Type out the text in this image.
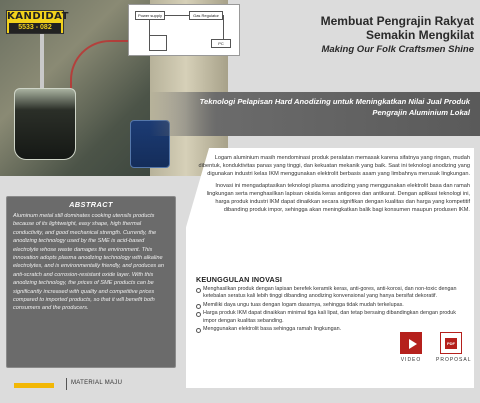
Power supply	Gas Regulator
PC
KANDIDAT
5533 - 082	Membuat Pengrajin Rakyat
Semakin Mengkilat
Making Our Folk Craftsmen Shine
Teknologi Pelapisan Hard Anodizing untuk Meningkatkan Nilai Jual Produk Pengrajin Aluminium Lokal

Logam aluminium masih mendominasi produk peralatan memasak karena sifatnya yang ringan, mudah dibentuk, konduktivitas panas yang tinggi, dan kekuatan mekanik yang baik. Saat ini teknologi anodizing yang digunakan industri kelas IKM menggunakan elektrolit berbasis asam yang limbahnya merusak lingkungan.

Inovasi ini mengadaptasikan teknologi plasma anodizing yang menggunakan elektrolit basa dan ramah lingkungan serta menghasilkan lapisan oksida keras antigores dan antikarat. Dengan aplikasi teknologi ini, harga produk industri IKM dapat dinaikkan secara signifikan dengan kualitas dan harga yang kompetitif dibanding produk impor, sehingga akan meningkatkan balik bagi konsumen maupun produsen IKM.

KEUNGGULAN INOVASI
Menghasilkan produk dengan lapisan berefek keramik keras, anti-gores, anti-korosi, dan non-toxic dengan ketebalan seratus kali lebih tinggi dibanding anodizing konvensional yang hanya bersifat dekoratif.
Memiliki daya ungu tuas dengan logam dasarnya, sehingga tidak mudah terkelupas.
Harga produk IKM dapat dinaikkan minimal tiga kali lipat, dan tetap bersaing dibandingkan dengan produk impor dengan kualitas sebanding.
Menggunakan elektrolit basa sehingga ramah lingkungan.
VIDEO
PDF
PROPOSAL
ABSTRACT
Aluminum metal still dominates cooking utensils products because of its lightweight, easy shape, high thermal conductivity, and good mechanical strength. Currently, the anodizing technology used by the SME is acid-based electrolyte whose waste damages the environment. This innovation adopts plasma anodizing technology with alkaline electrolytes, and is environmentally friendly, and produces an anti-scratch and corrosion-resistant oxide layer. With this anodizing technology, the prices of SME products can be significantly increased with quality and competitive prices compared to imported products, so that it will benefit both consumers and the producers.
MATERIAL MAJU
